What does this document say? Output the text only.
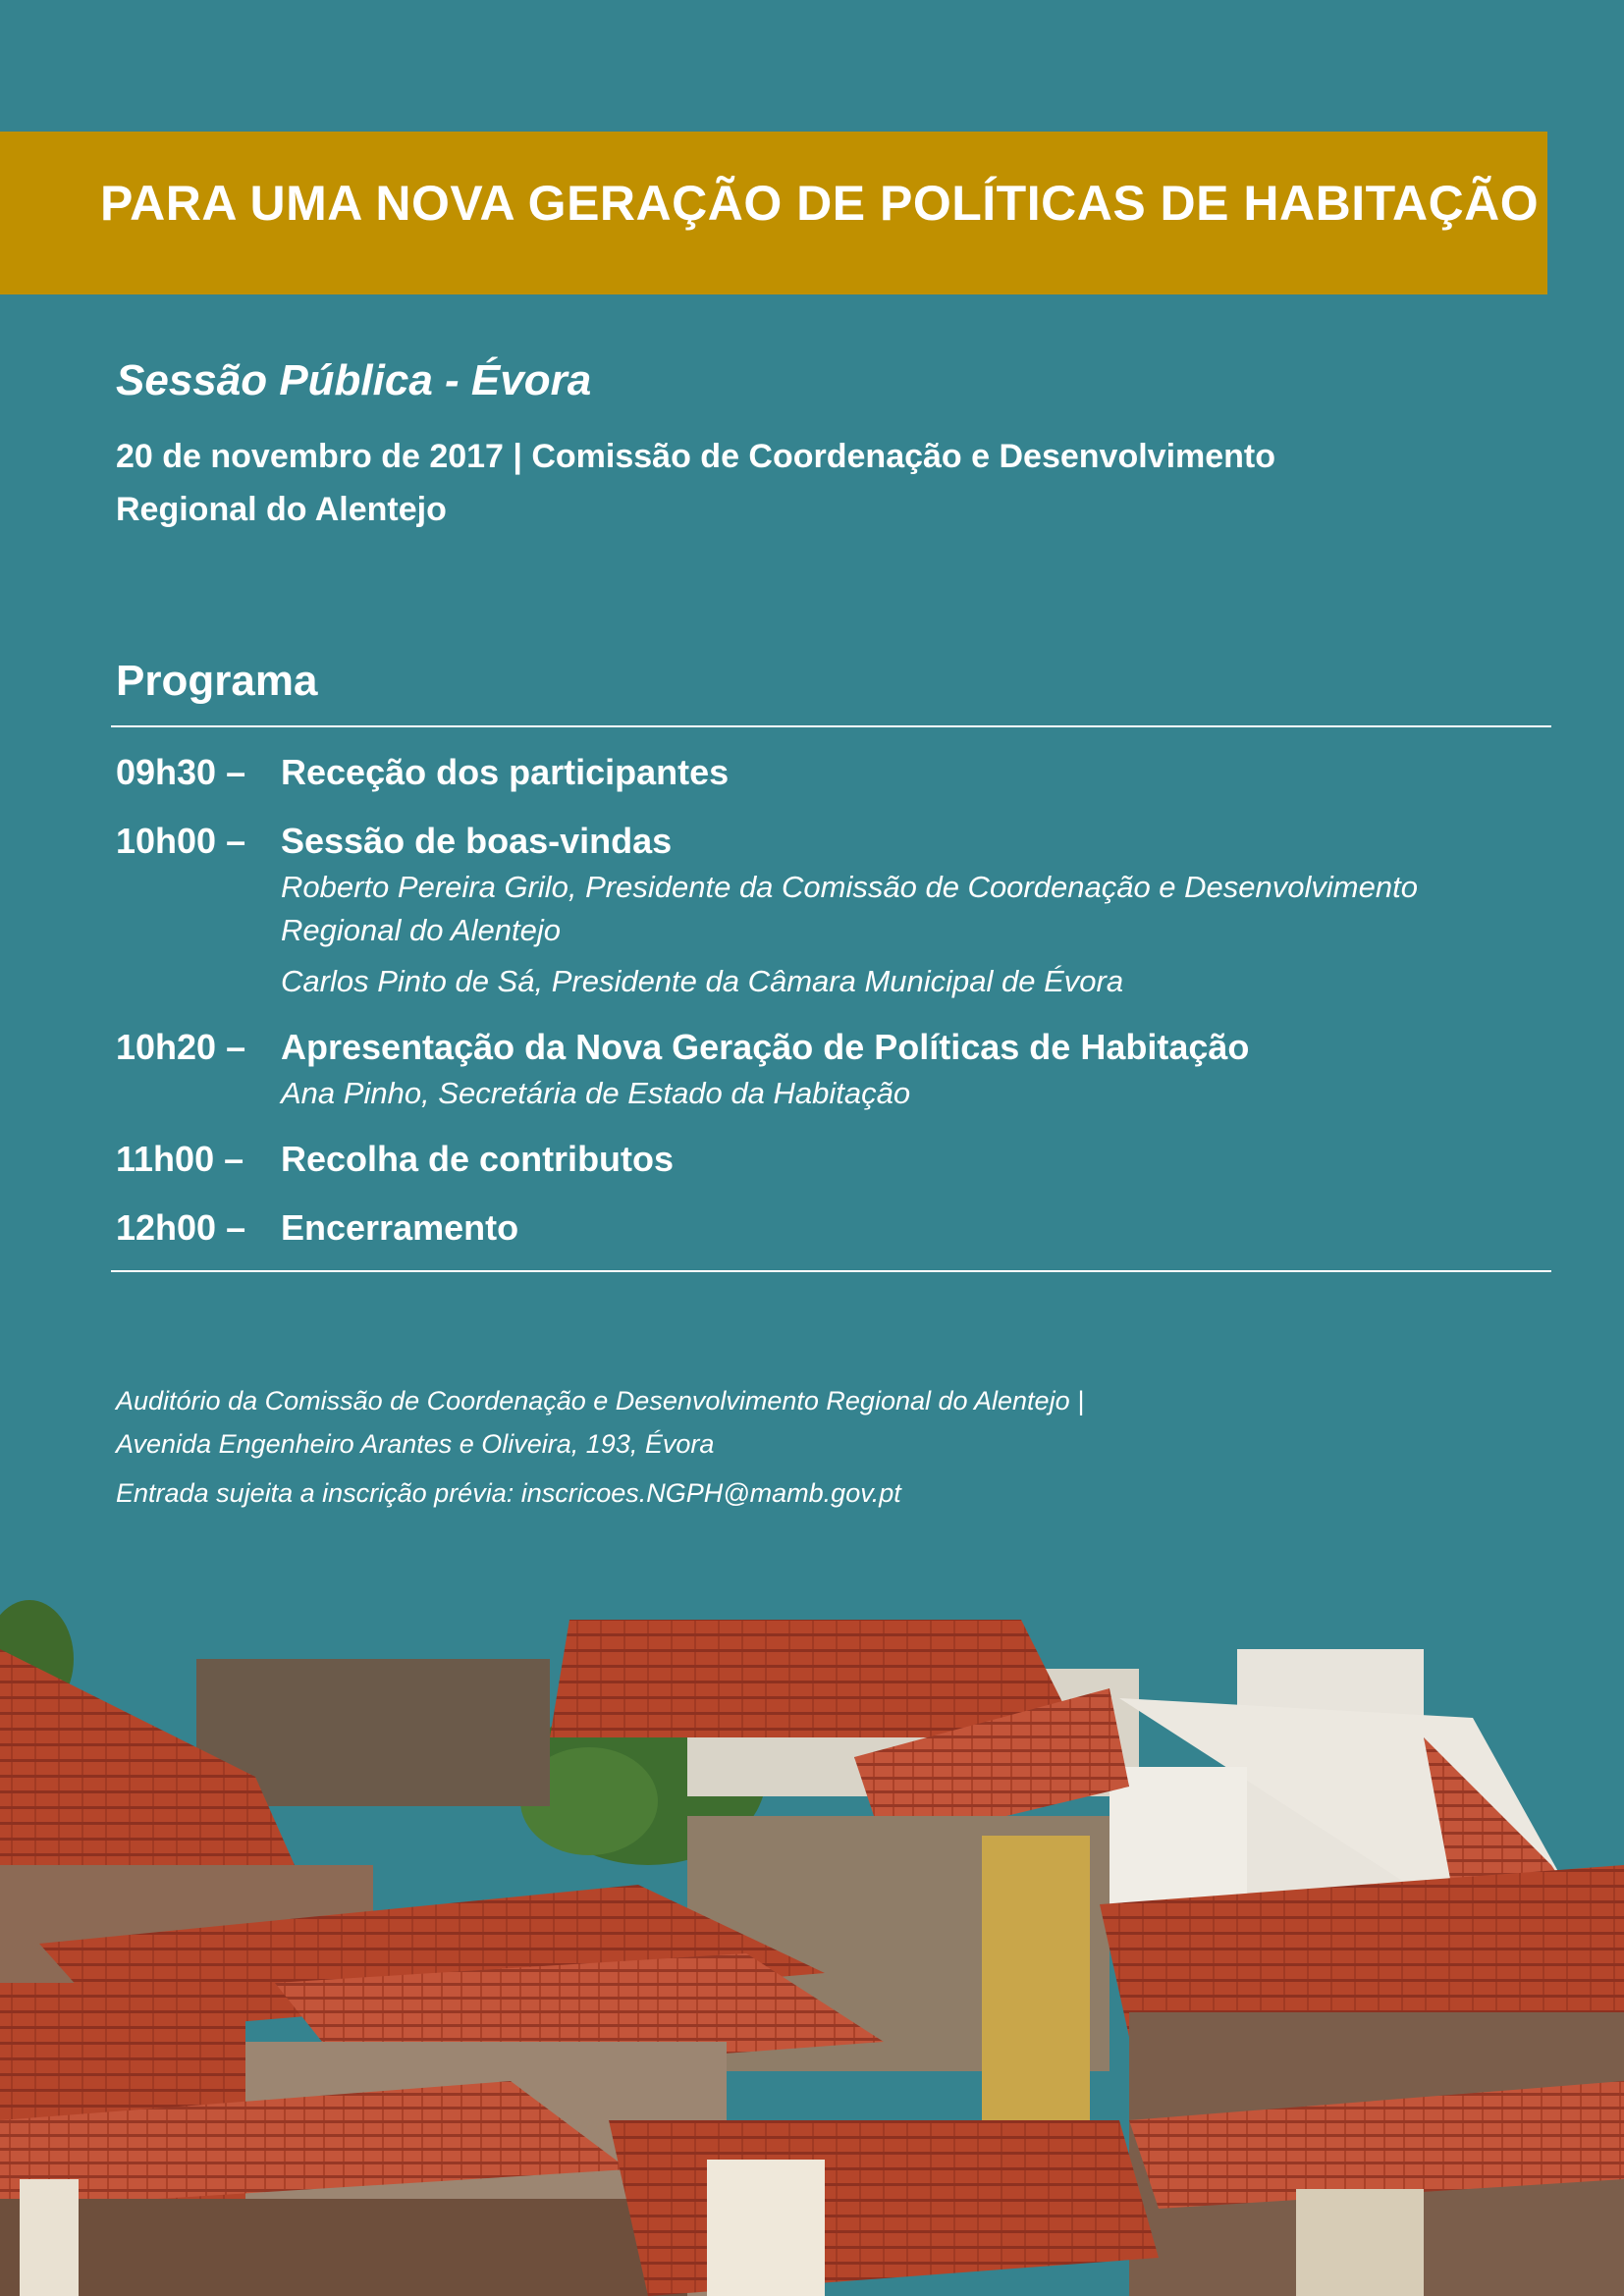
PARA UMA NOVA GERAÇÃO DE POLÍTICAS DE HABITAÇÃO
Sessão Pública - Évora
20 de novembro de 2017 | Comissão de Coordenação e Desenvolvimento
Regional do Alentejo
Programa
09h30 – Receção dos participantes
10h00 – Sessão de boas-vindas
Roberto Pereira Grilo, Presidente da Comissão de Coordenação e Desenvolvimento Regional do Alentejo
Carlos Pinto de Sá, Presidente da Câmara Municipal de Évora
10h20 – Apresentação da Nova Geração de Políticas de Habitação
Ana Pinho, Secretária de Estado da Habitação
11h00 –	Recolha de contributos
12h00 – Encerramento
Auditório da Comissão de Coordenação e Desenvolvimento Regional do Alentejo |
Avenida Engenheiro Arantes e Oliveira, 193, Évora
Entrada sujeita a inscrição prévia: inscricoes.NGPH@mamb.gov.pt
